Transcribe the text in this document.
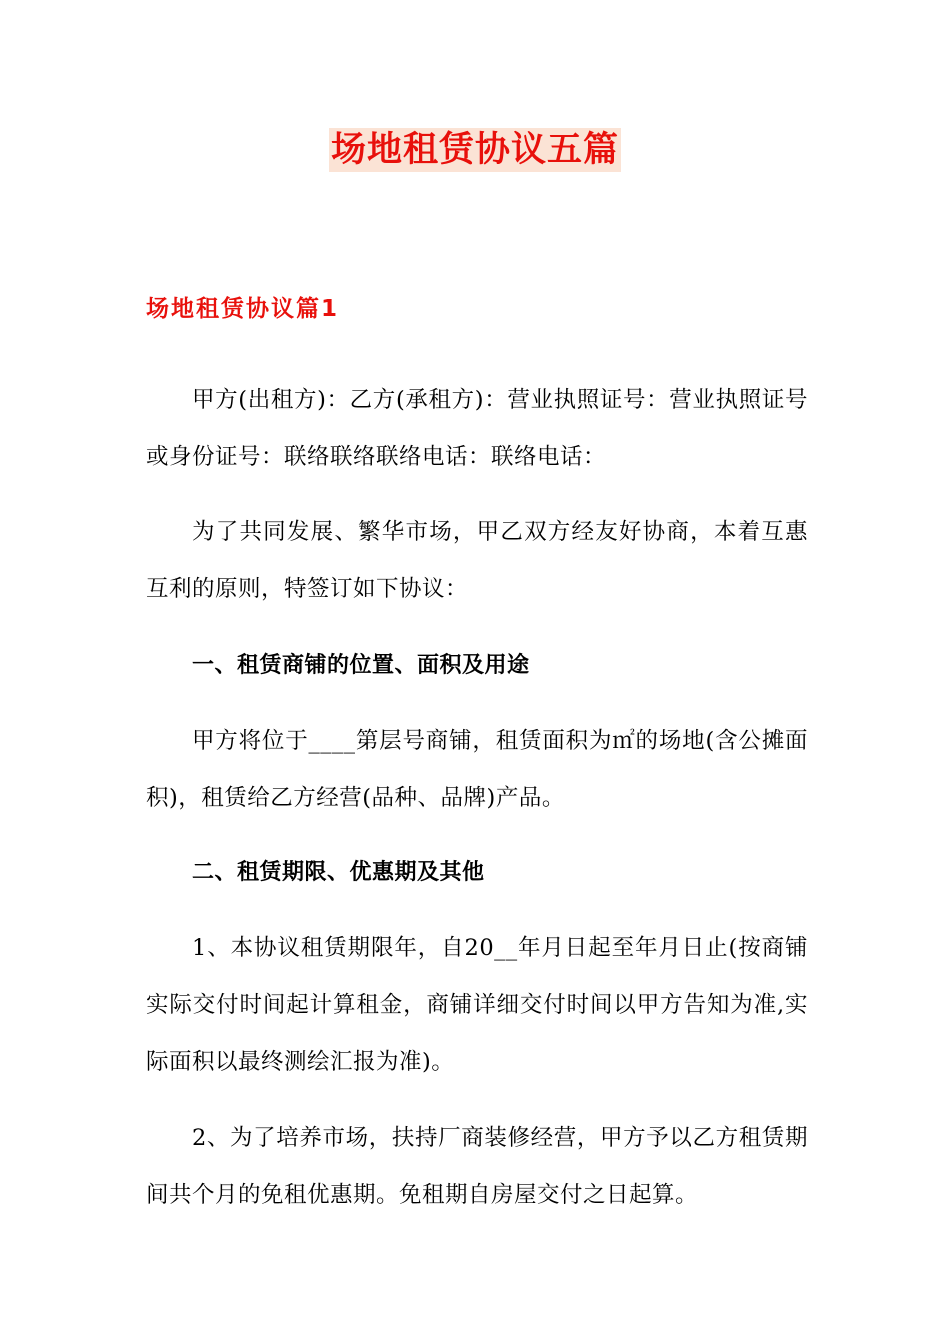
场地租赁协议五篇
场地租赁协议篇1
甲方(出租方)：乙方(承租方)：营业执照证号：营业执照证号或身份证号：联络联络联络电话：联络电话：
为了共同发展、繁华市场，甲乙双方经友好协商，本着互惠互利的原则，特签订如下协议：
一、租赁商铺的位置、面积及用途
甲方将位于____第层号商铺，租赁面积为㎡的场地(含公摊面积)，租赁给乙方经营(品种、品牌)产品。
二、租赁期限、优惠期及其他
1、本协议租赁期限年，自20__年月日起至年月日止(按商铺实际交付时间起计算租金，商铺详细交付时间以甲方告知为准,实际面积以最终测绘汇报为准)。
2、为了培养市场，扶持厂商装修经营，甲方予以乙方租赁期间共个月的免租优惠期。免租期自房屋交付之日起算。
